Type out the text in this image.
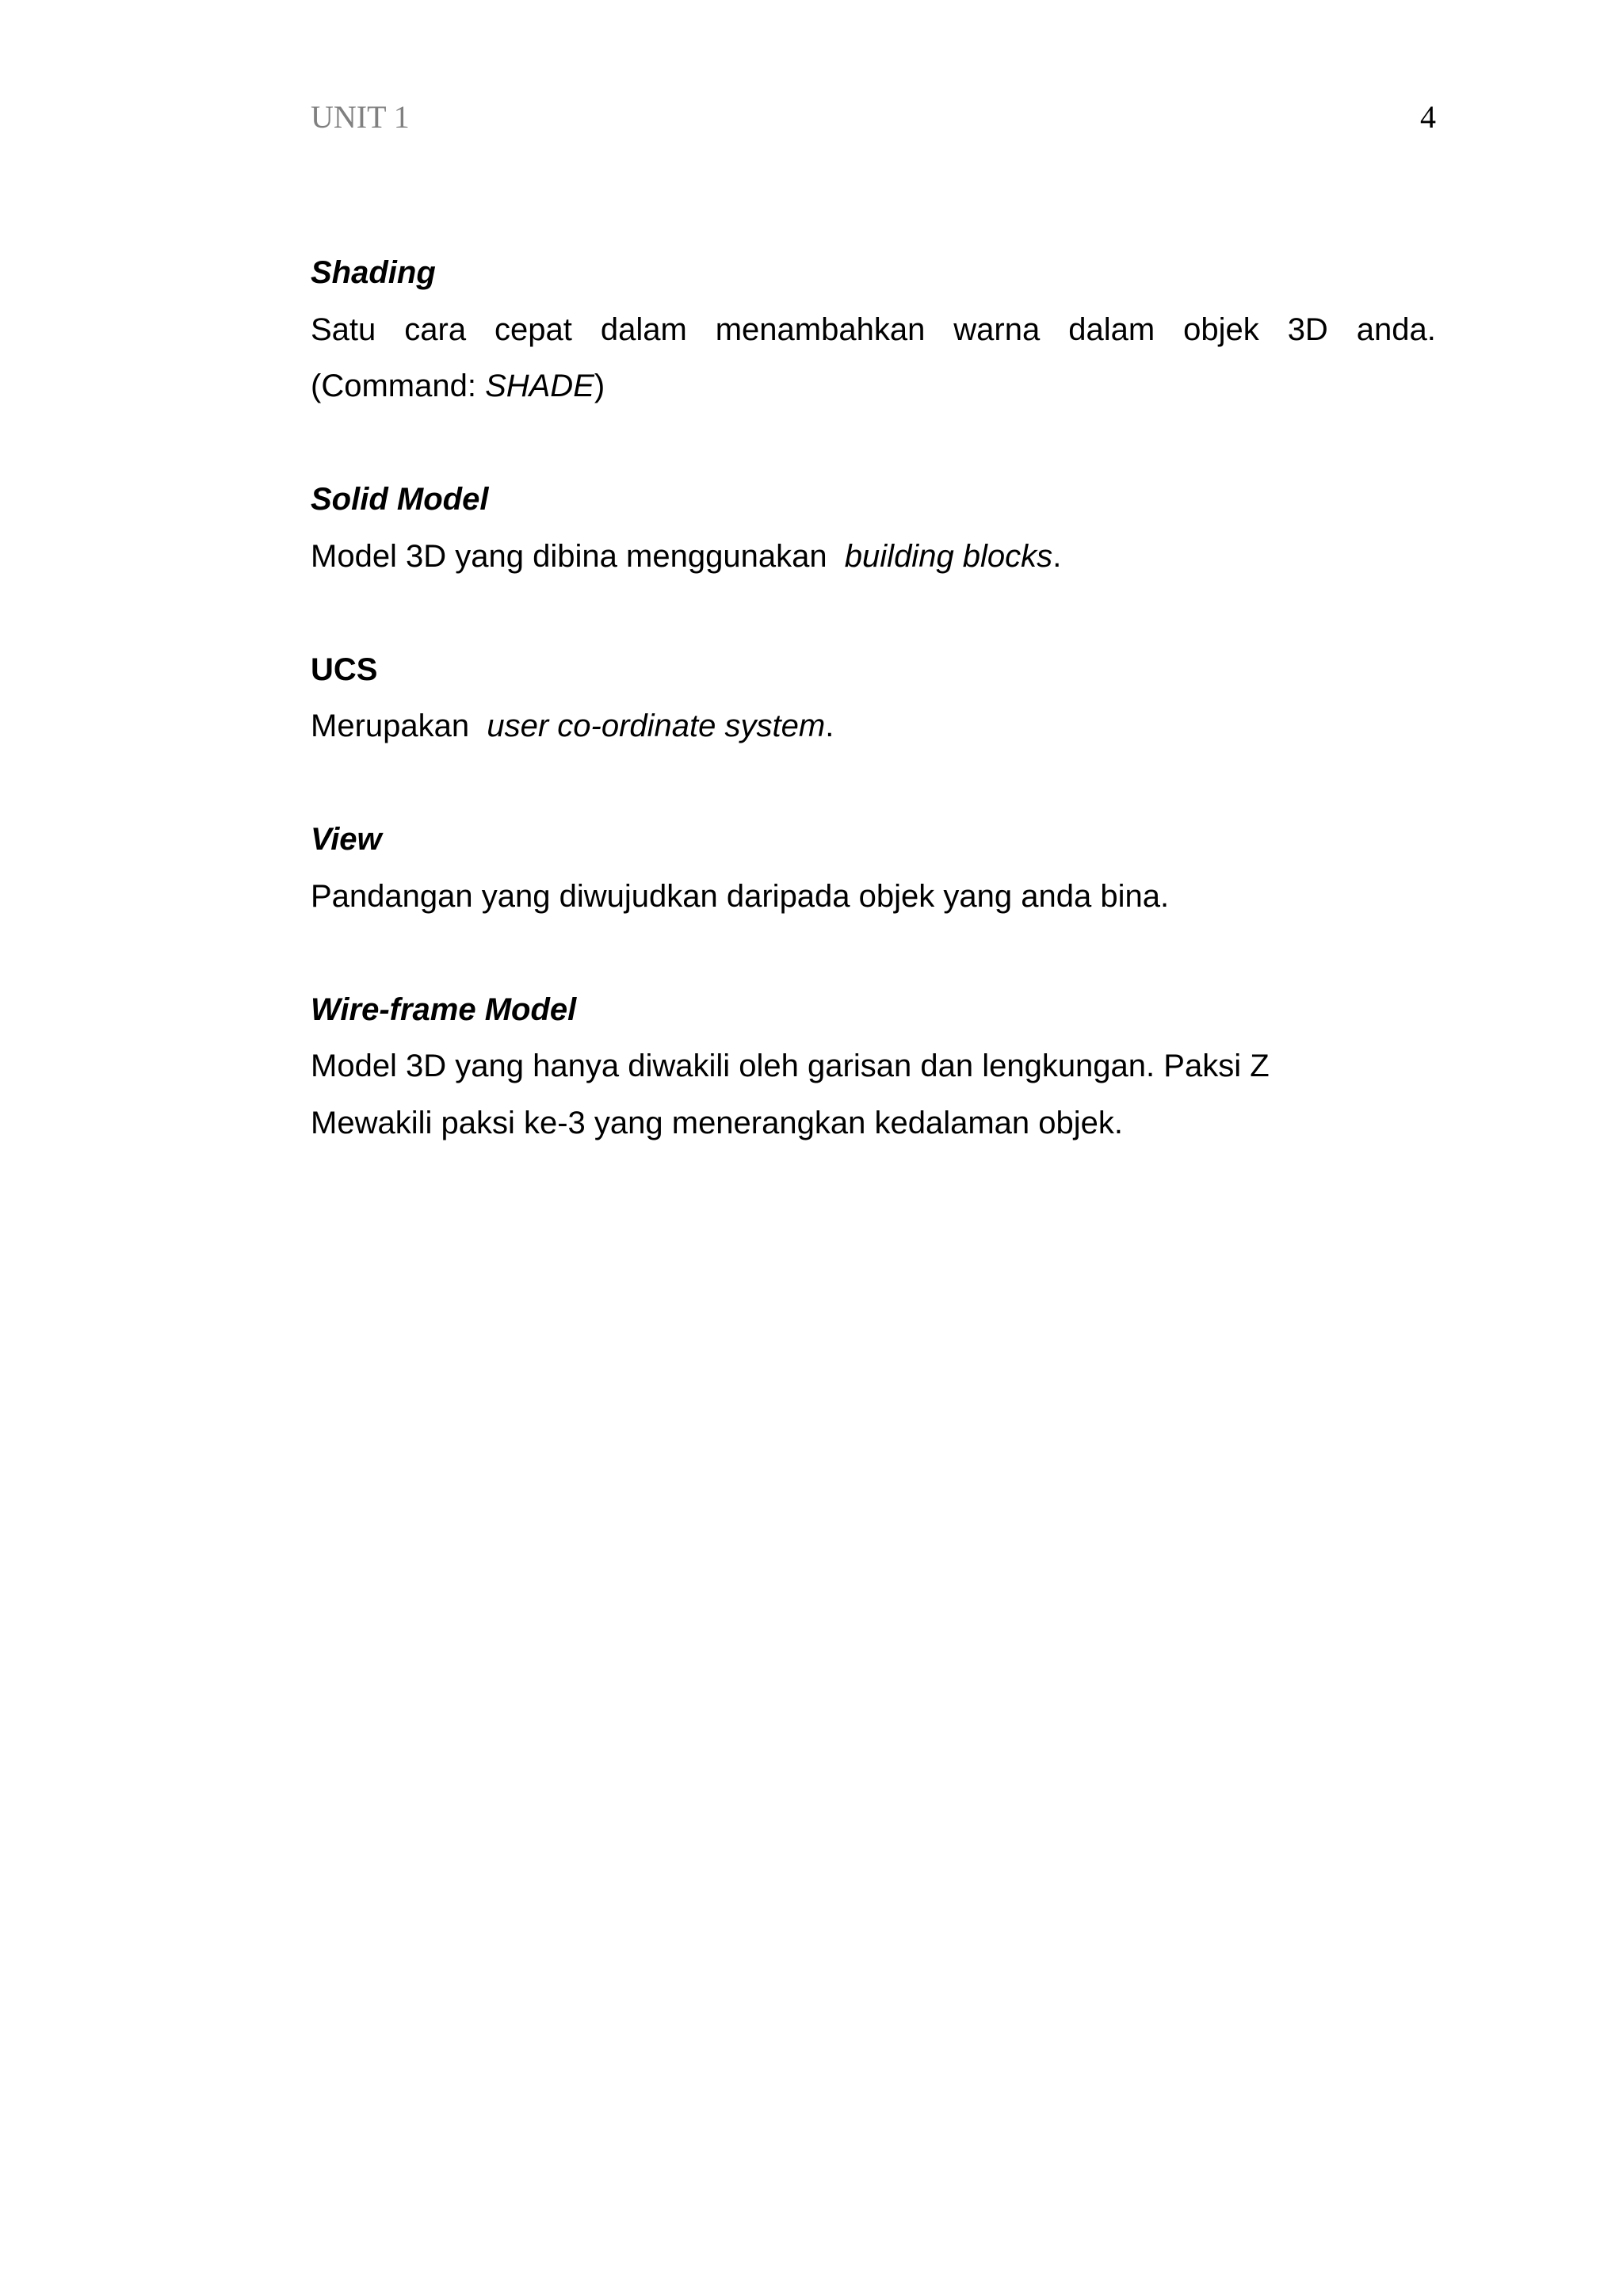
UNIT 1	4

Shading

Satu cara cepat dalam menambahkan warna dalam objek 3D anda.
(Command: SHADE)

Solid Model

Model 3D yang dibina menggunakan  building blocks.

UCS

Merupakan  user co-ordinate system.

View

Pandangan yang diwujudkan daripada objek yang anda bina.

Wire-frame Model

Model 3D yang hanya diwakili oleh garisan dan lengkungan. Paksi Z
Mewakili paksi ke-3 yang menerangkan kedalaman objek.
